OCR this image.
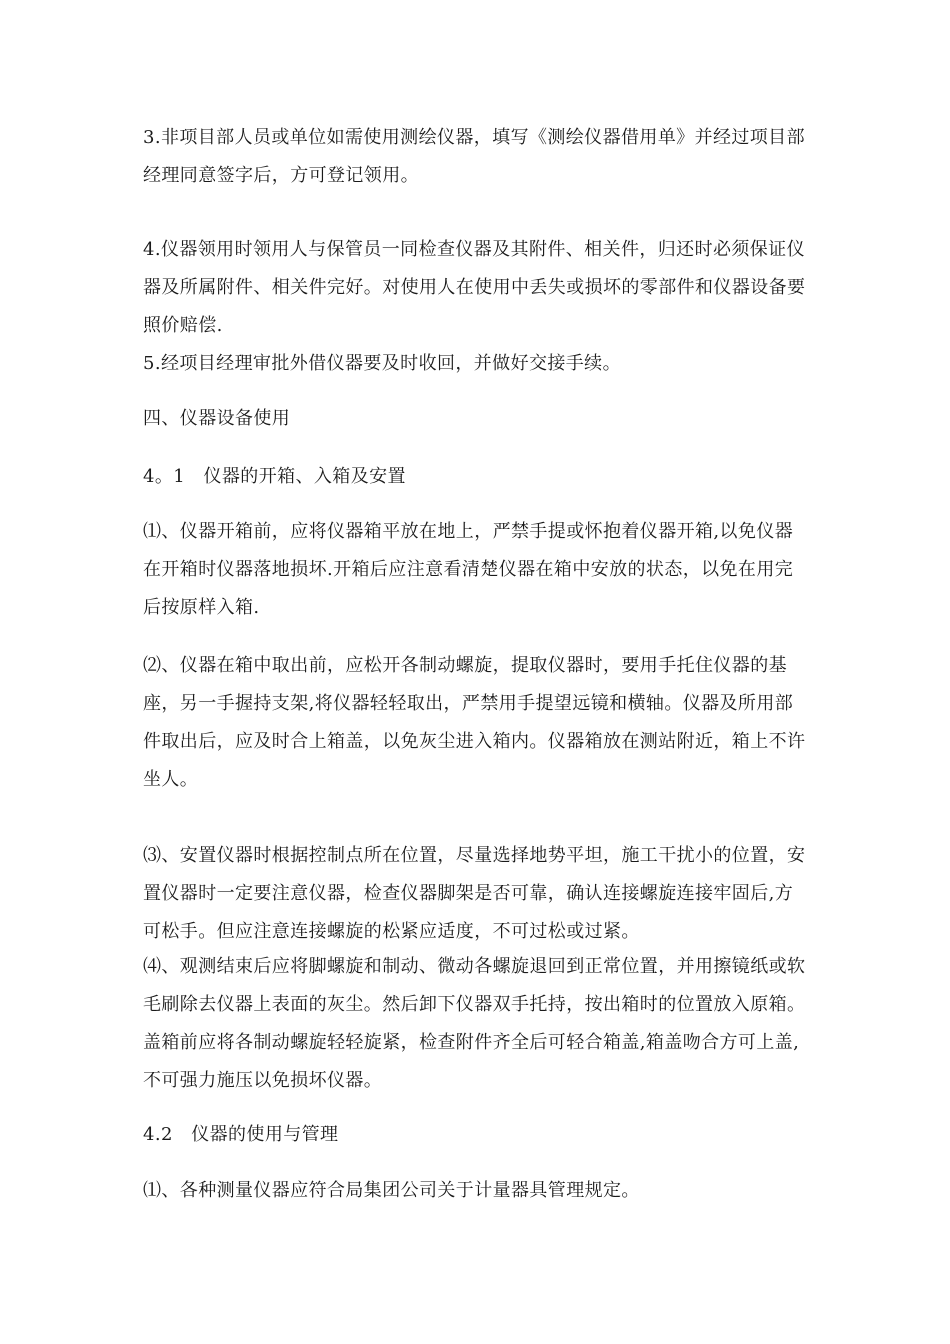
3.非项目部人员或单位如需使用测绘仪器，填写《测绘仪器借用单》并经过项目部经理同意签字后，方可登记领用。

4.仪器领用时领用人与保管员一同检查仪器及其附件、相关件，归还时必须保证仪器及所属附件、相关件完好。对使用人在使用中丢失或损坏的零部件和仪器设备要照价赔偿.

5.经项目经理审批外借仪器要及时收回，并做好交接手续。

四、仪器设备使用

4。1　仪器的开箱、入箱及安置

⑴、仪器开箱前，应将仪器箱平放在地上，严禁手提或怀抱着仪器开箱,以免仪器在开箱时仪器落地损坏.开箱后应注意看清楚仪器在箱中安放的状态，以免在用完后按原样入箱.

⑵、仪器在箱中取出前，应松开各制动螺旋，提取仪器时，要用手托住仪器的基座，另一手握持支架,将仪器轻轻取出，严禁用手提望远镜和横轴。仪器及所用部件取出后，应及时合上箱盖，以免灰尘进入箱内。仪器箱放在测站附近，箱上不许坐人。

⑶、安置仪器时根据控制点所在位置，尽量选择地势平坦，施工干扰小的位置，安置仪器时一定要注意仪器，检查仪器脚架是否可靠，确认连接螺旋连接牢固后,方可松手。但应注意连接螺旋的松紧应适度，不可过松或过紧。

⑷、观测结束后应将脚螺旋和制动、微动各螺旋退回到正常位置，并用擦镜纸或软毛刷除去仪器上表面的灰尘。然后卸下仪器双手托持，按出箱时的位置放入原箱。盖箱前应将各制动螺旋轻轻旋紧，检查附件齐全后可轻合箱盖,箱盖吻合方可上盖,不可强力施压以免损坏仪器。

4.2　仪器的使用与管理

⑴、各种测量仪器应符合局集团公司关于计量器具管理规定。
